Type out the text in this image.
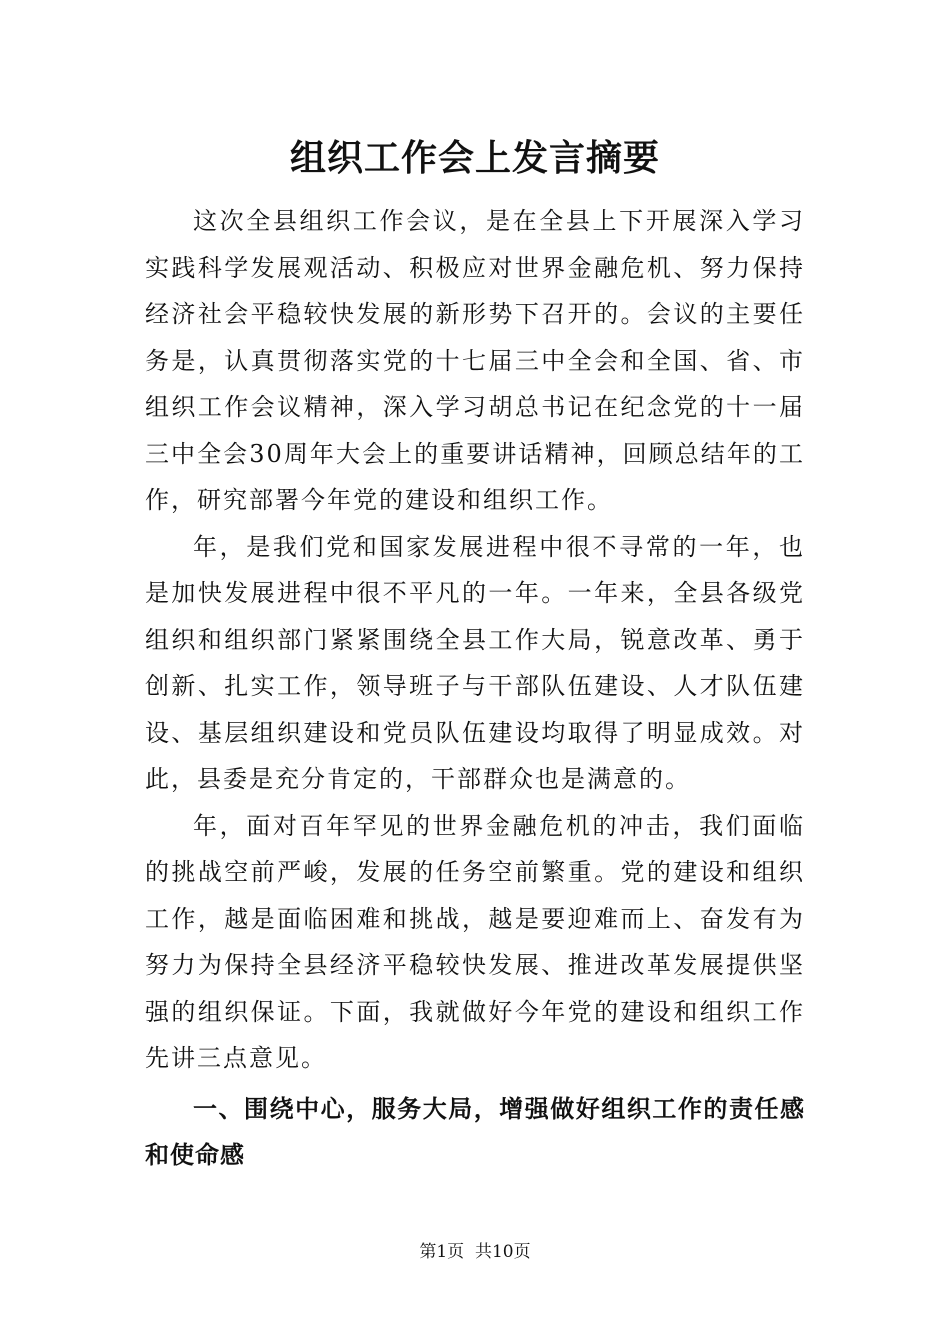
组织工作会上发言摘要

这次全县组织工作会议，是在全县上下开展深入学习实践科学发展观活动、积极应对世界金融危机、努力保持经济社会平稳较快发展的新形势下召开的。会议的主要任务是，认真贯彻落实党的十七届三中全会和全国、省、市组织工作会议精神，深入学习胡总书记在纪念党的十一届三中全会30周年大会上的重要讲话精神，回顾总结年的工作，研究部署今年党的建设和组织工作。

年，是我们党和国家发展进程中很不寻常的一年，也是加快发展进程中很不平凡的一年。一年来，全县各级党组织和组织部门紧紧围绕全县工作大局，锐意改革、勇于创新、扎实工作，领导班子与干部队伍建设、人才队伍建设、基层组织建设和党员队伍建设均取得了明显成效。对此，县委是充分肯定的，干部群众也是满意的。

年，面对百年罕见的世界金融危机的冲击，我们面临的挑战空前严峻，发展的任务空前繁重。党的建设和组织工作，越是面临困难和挑战，越是要迎难而上、奋发有为努力为保持全县经济平稳较快发展、推进改革发展提供坚强的组织保证。下面，我就做好今年党的建设和组织工作先讲三点意见。

一、围绕中心，服务大局，增强做好组织工作的责任感和使命感

第1页  共10页
